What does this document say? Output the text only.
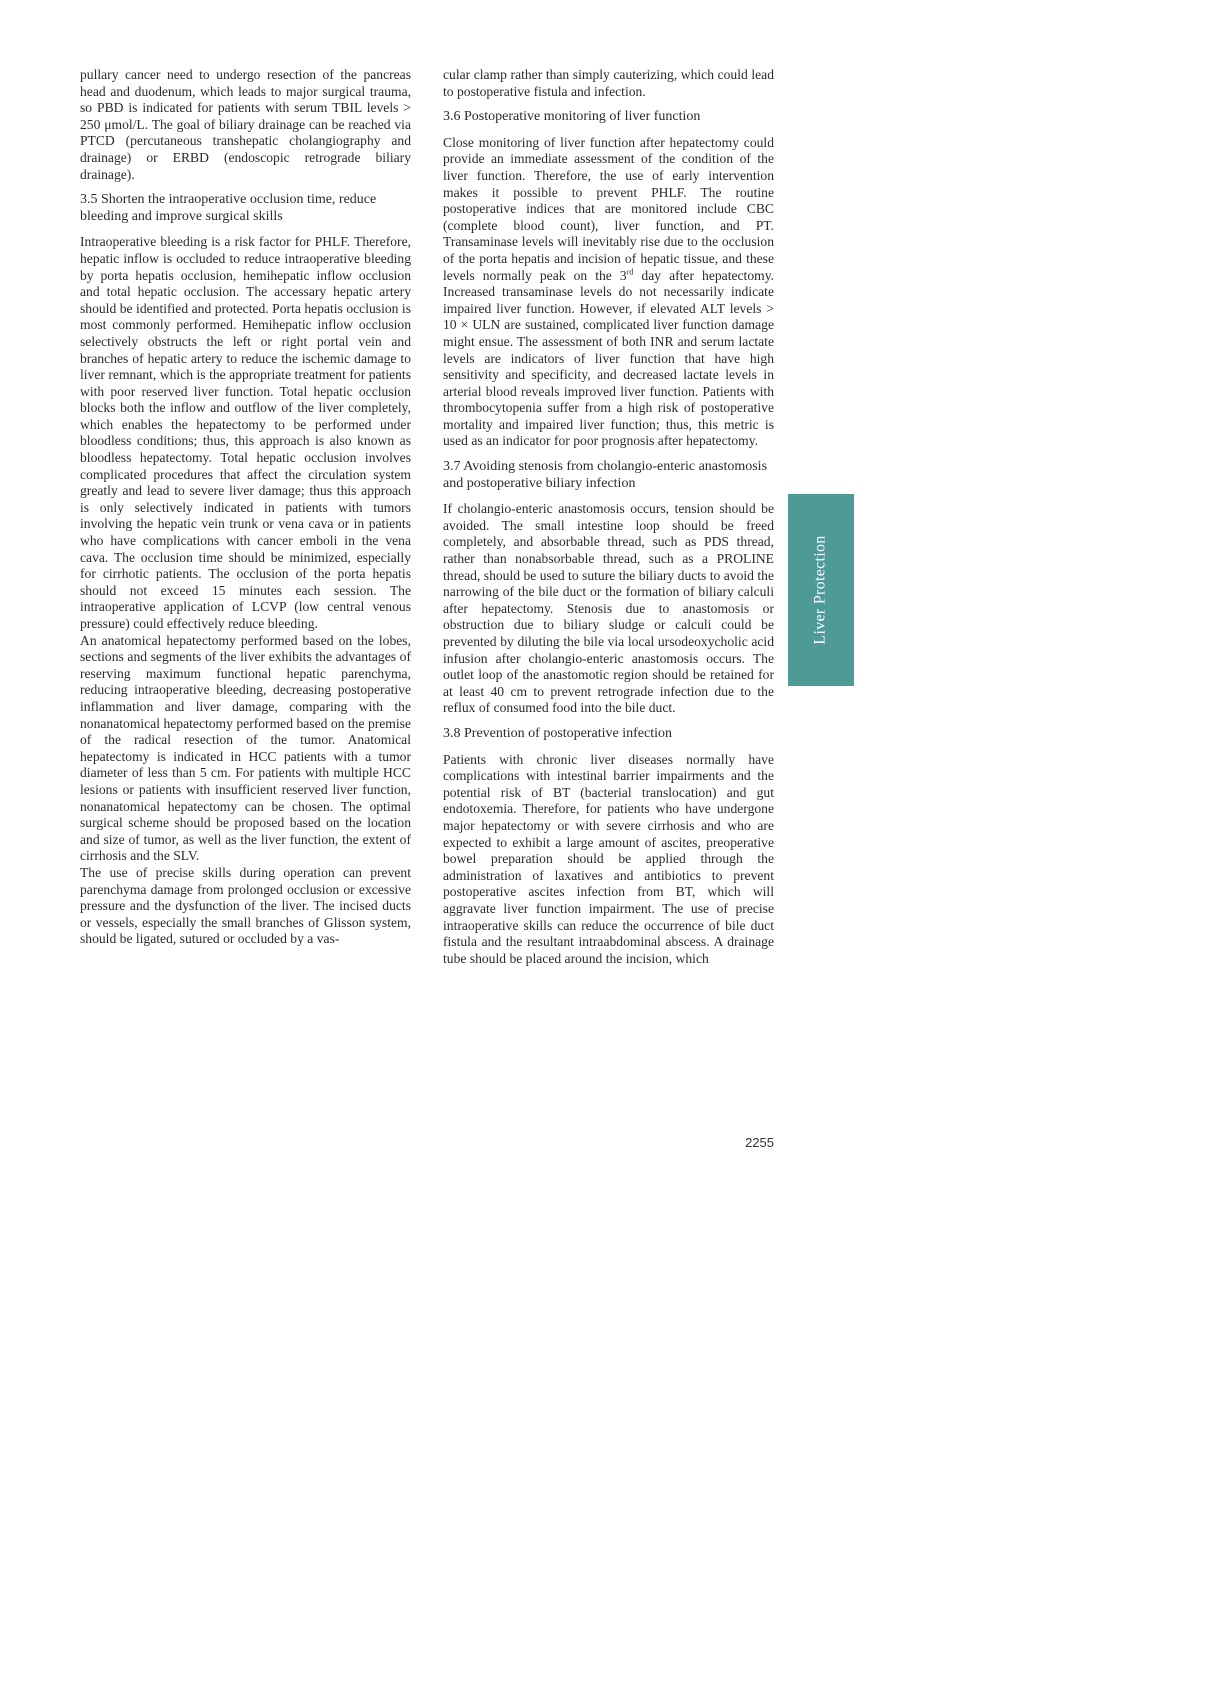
pullary cancer need to undergo resection of the pancreas head and duodenum, which leads to major surgical trauma, so PBD is indicated for patients with serum TBIL levels > 250 μmol/L. The goal of biliary drainage can be reached via PTCD (percutaneous transhepatic cholangiography and drainage) or ERBD (endoscopic retrograde biliary drainage).

3.5 Shorten the intraoperative occlusion time, reduce bleeding and improve surgical skills

Intraoperative bleeding is a risk factor for PHLF. Therefore, hepatic inflow is occluded to reduce intraoperative bleeding by porta hepatis occlusion, hemihepatic inflow occlusion and total hepatic occlusion. The accessary hepatic artery should be identified and protected. Porta hepatis occlusion is most commonly performed. Hemihepatic inflow occlusion selectively obstructs the left or right portal vein and branches of hepatic artery to reduce the ischemic damage to liver remnant, which is the appropriate treatment for patients with poor reserved liver function. Total hepatic occlusion blocks both the inflow and outflow of the liver completely, which enables the hepatectomy to be performed under bloodless conditions; thus, this approach is also known as bloodless hepatectomy. Total hepatic occlusion involves complicated procedures that affect the circulation system greatly and lead to severe liver damage; thus this approach is only selectively indicated in patients with tumors involving the hepatic vein trunk or vena cava or in patients who have complications with cancer emboli in the vena cava. The occlusion time should be minimized, especially for cirrhotic patients. The occlusion of the porta hepatis should not exceed 15 minutes each session. The intraoperative application of LCVP (low central venous pressure) could effectively reduce bleeding.

An anatomical hepatectomy performed based on the lobes, sections and segments of the liver exhibits the advantages of reserving maximum functional hepatic parenchyma, reducing intraoperative bleeding, decreasing postoperative inflammation and liver damage, comparing with the nonanatomical hepatectomy performed based on the premise of the radical resection of the tumor. Anatomical hepatectomy is indicated in HCC patients with a tumor diameter of less than 5 cm. For patients with multiple HCC lesions or patients with insufficient reserved liver function, nonanatomical hepatectomy can be chosen. The optimal surgical scheme should be proposed based on the location and size of tumor, as well as the liver function, the extent of cirrhosis and the SLV.

The use of precise skills during operation can prevent parenchyma damage from prolonged occlusion or excessive pressure and the dysfunction of the liver. The incised ducts or vessels, especially the small branches of Glisson system, should be ligated, sutured or occluded by a vas-

cular clamp rather than simply cauterizing, which could lead to postoperative fistula and infection.

3.6 Postoperative monitoring of liver function

Close monitoring of liver function after hepatectomy could provide an immediate assessment of the condition of the liver function. Therefore, the use of early intervention makes it possible to prevent PHLF. The routine postoperative indices that are monitored include CBC (complete blood count), liver function, and PT. Transaminase levels will inevitably rise due to the occlusion of the porta hepatis and incision of hepatic tissue, and these levels normally peak on the 3rd day after hepatectomy. Increased transaminase levels do not necessarily indicate impaired liver function. However, if elevated ALT levels > 10 × ULN are sustained, complicated liver function damage might ensue. The assessment of both INR and serum lactate levels are indicators of liver function that have high sensitivity and specificity, and decreased lactate levels in arterial blood reveals improved liver function. Patients with thrombocytopenia suffer from a high risk of postoperative mortality and impaired liver function; thus, this metric is used as an indicator for poor prognosis after hepatectomy.

3.7 Avoiding stenosis from cholangio-enteric anastomosis and postoperative biliary infection

If cholangio-enteric anastomosis occurs, tension should be avoided. The small intestine loop should be freed completely, and absorbable thread, such as PDS thread, rather than nonabsorbable thread, such as a PROLINE thread, should be used to suture the biliary ducts to avoid the narrowing of the bile duct or the formation of biliary calculi after hepatectomy. Stenosis due to anastomosis or obstruction due to biliary sludge or calculi could be prevented by diluting the bile via local ursodeoxycholic acid infusion after cholangio-enteric anastomosis occurs. The outlet loop of the anastomotic region should be retained for at least 40 cm to prevent retrograde infection due to the reflux of consumed food into the bile duct.

3.8 Prevention of postoperative infection

Patients with chronic liver diseases normally have complications with intestinal barrier impairments and the potential risk of BT (bacterial translocation) and gut endotoxemia. Therefore, for patients who have undergone major hepatectomy or with severe cirrhosis and who are expected to exhibit a large amount of ascites, preoperative bowel preparation should be applied through the administration of laxatives and antibiotics to prevent postoperative ascites infection from BT, which will aggravate liver function impairment. The use of precise intraoperative skills can reduce the occurrence of bile duct fistula and the resultant intraabdominal abscess. A drainage tube should be placed around the incision, which

Liver Protection
2255
